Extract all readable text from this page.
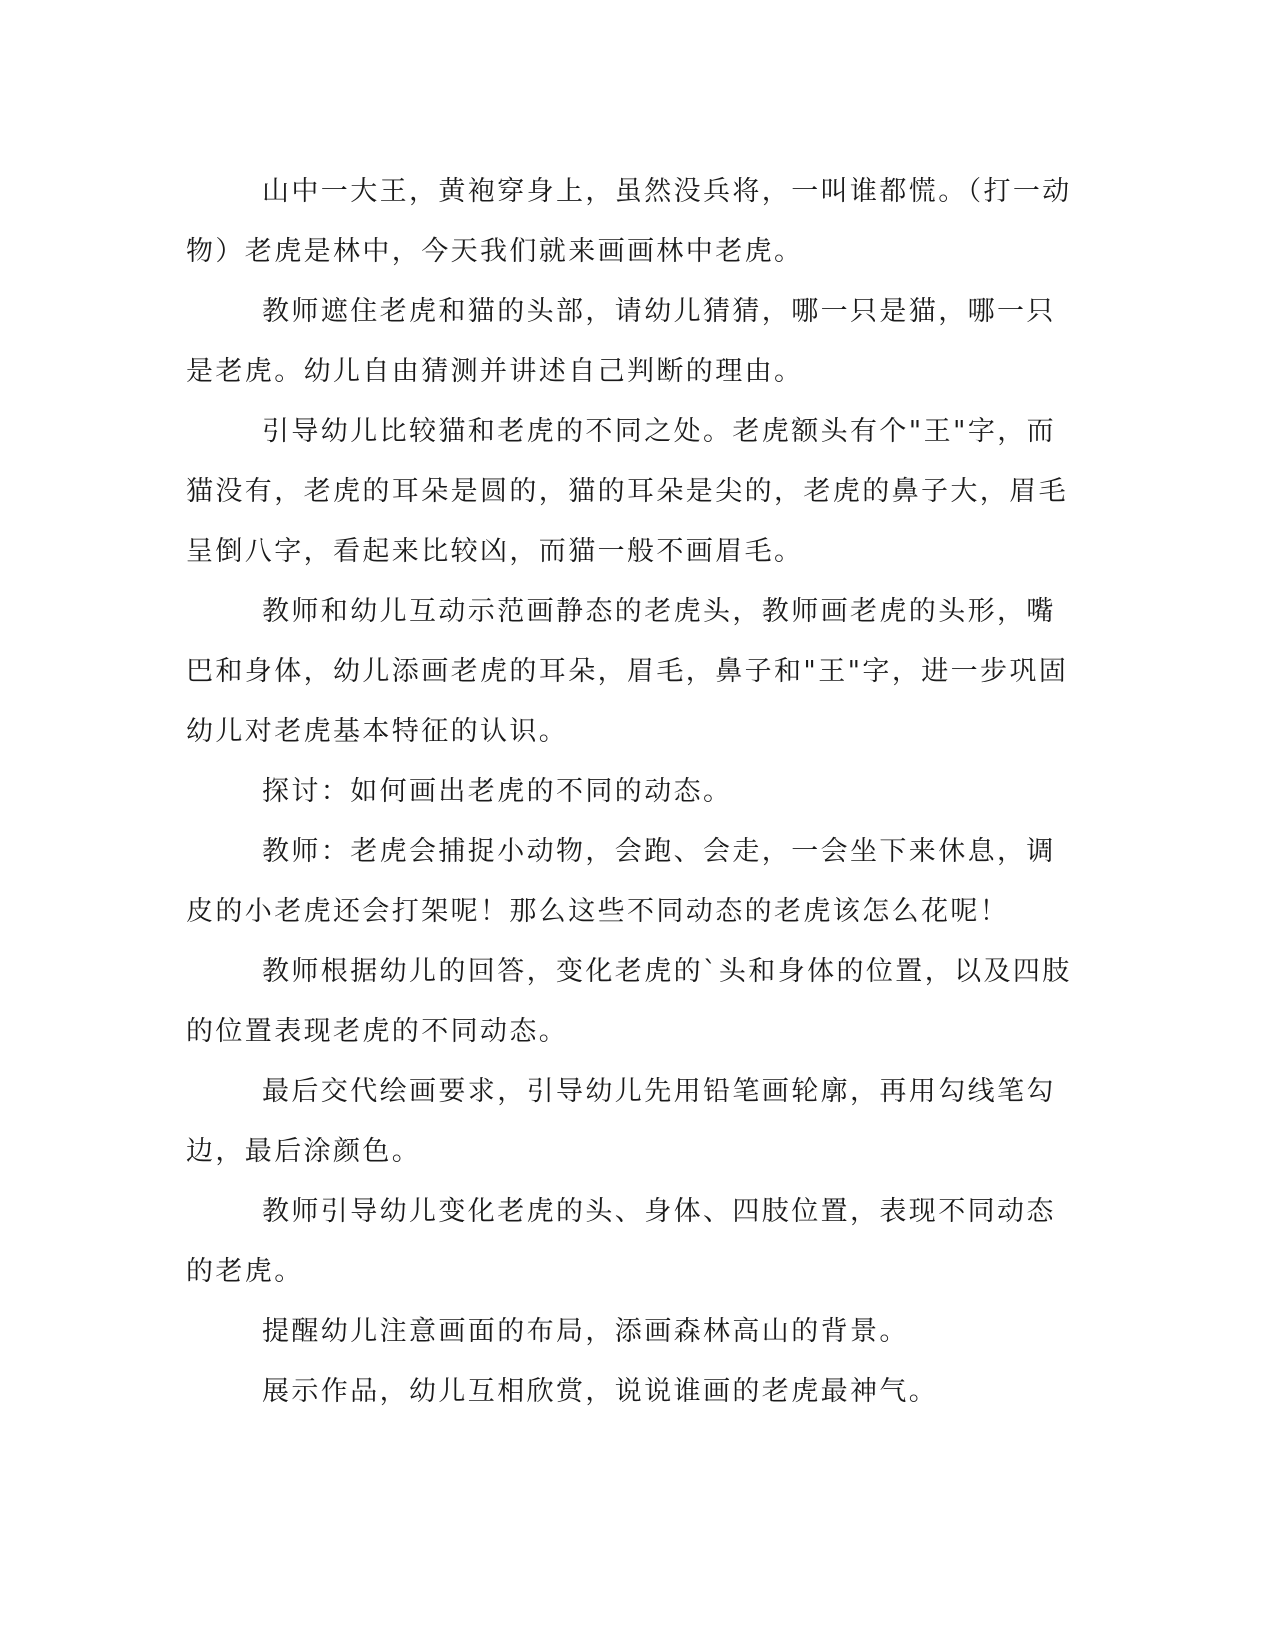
山中一大王，黄袍穿身上，虽然没兵将，一叫谁都慌。（打一动物）老虎是林中，今天我们就来画画林中老虎。

教师遮住老虎和猫的头部，请幼儿猜猜，哪一只是猫，哪一只是老虎。幼儿自由猜测并讲述自己判断的理由。

引导幼儿比较猫和老虎的不同之处。老虎额头有个"王"字，而猫没有，老虎的耳朵是圆的，猫的耳朵是尖的，老虎的鼻子大，眉毛呈倒八字，看起来比较凶，而猫一般不画眉毛。

教师和幼儿互动示范画静态的老虎头，教师画老虎的头形，嘴巴和身体，幼儿添画老虎的耳朵，眉毛，鼻子和"王"字，进一步巩固幼儿对老虎基本特征的认识。

探讨：如何画出老虎的不同的动态。

教师：老虎会捕捉小动物，会跑、会走，一会坐下来休息，调皮的小老虎还会打架呢！那么这些不同动态的老虎该怎么花呢！

教师根据幼儿的回答，变化老虎的`头和身体的位置，以及四肢的位置表现老虎的不同动态。

最后交代绘画要求，引导幼儿先用铅笔画轮廓，再用勾线笔勾边，最后涂颜色。

教师引导幼儿变化老虎的头、身体、四肢位置，表现不同动态的老虎。

提醒幼儿注意画面的布局，添画森林高山的背景。

展示作品，幼儿互相欣赏，说说谁画的老虎最神气。
